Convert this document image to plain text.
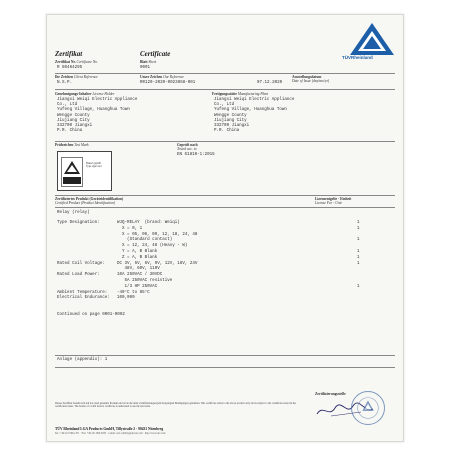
TÜVRheinland
Zertifikat	Certificate
Zertifikat Nr. Certificate No.	Blatt Sheet
R 50464295	0001
Ihr Zeichen Client Reference	Unser Zeichen Our Reference	Ausstellungsdatum
Date of Issue (day/mo/yr)
N.S.P.	R0120-2020-0023858-001	07.12.2020
Genehmigungs-Inhaber License Holder	Fertigungsstätte Manufacturing Plant
Jiangxi Weiqi Electric Appliance
Co., Ltd
Yufeng Village, Huanghua Town
Wengge County
Jiujiang City
332700 Jiangxi
P.R. China
Jiangxi Weiqi Electric Appliance
Co., Ltd
Yufeng Village, Huanghua Town
Wengge County
Jiujiang City
332700 Jiangxi
P.R. China
Prüfzeichen Test Mark	Geprüft nach
Tested acc. to
EN 61810-1:2015
Bauart geprüft
Type approved
Zertifiziertes Produkt (Geräteidentifikation)
Certified Product (Product Identification)
Lizenzentgelte - Einheit
License Fee - Unit
Relay (relay)
Type Designation:	WJQ-RELAY  (brand: Weiqi)	1
X = 0, 1	1
X = 05, 06, 09, 12, 18, 24, 48
(Standard contact)	1
X = 12, 24, 48 (Heavy - W)
Y = A, B Blank	1
Z = A, B Blank	1
Rated Coil Voltage:	DC 3V, 5V, 6V, 9V, 12V, 18V, 24V	1
48V, 60V, 110V
Rated Load Power:	10A 250VAC / 30VDC
5A 250VAC resistive
1/3 HP 250VAC	1
Ambient Temperature: -40°C to 85°C
Electrical Endurance: 100,000
Continued on page 0001-0002
Anlage (appendix): 1
Dieses Zertifikat bezieht sich auf das oben genannte Produkt und ist an die unter Zertifizierungsregeln festgelegten Bedingungen gebunden. This certificate refers to the above product only and is subject to the conditions stated in the certification rules. The holder of a valid licence certificate is authorised to use the test mark.
Zertifizierungsstelle
TÜV Rheinland LGA Products GmbH, Tillystraße 2 · 90431 Nürnberg
Tel.: +49 221 806-1371 · Fax: +49 221 806-3935 · e-mail: cert-validity@de.tuv.com · http://www.tuv.com
